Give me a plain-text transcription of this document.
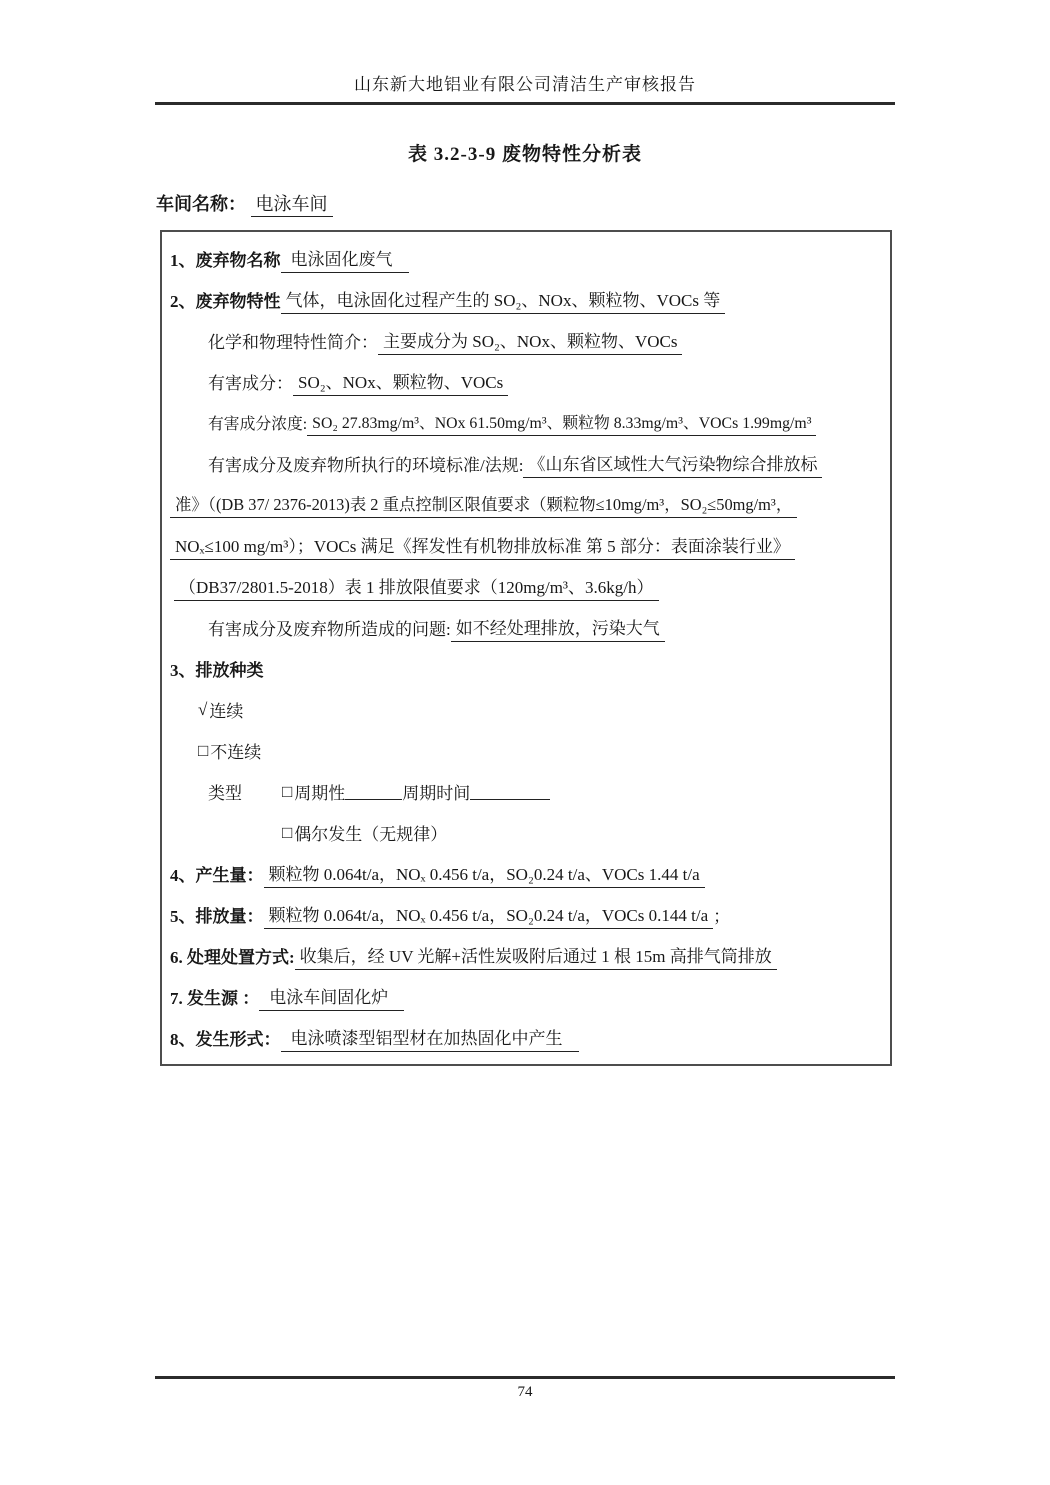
山东新大地铝业有限公司清洁生产审核报告
表 3.2-3-9 废物特性分析表
车间名称： 电泳车间
1、废弃物名称 电泳固化废气
2、废弃物特性 气体，电泳固化过程产生的 SO₂、NOx、颗粒物、VOCs 等
化学和物理特性简介： 主要成分为 SO₂、NOx、颗粒物、VOCs
有害成分： SO₂、NOx、颗粒物、VOCs
有害成分浓度: SO₂ 27.83mg/m³、NOx 61.50mg/m³、颗粒物 8.33mg/m³、VOCs 1.99mg/m³
有害成分及废弃物所执行的环境标准/法规: 《山东省区域性大气污染物综合排放标
准》（(DB 37/ 2376-2013)表 2 重点控制区限值要求（颗粒物≤10mg/m³，SO₂≤50mg/m³，
NOₓ≤100 mg/m³）；VOCs 满足《挥发性有机物排放标准 第 5 部分：表面涂装行业》
（DB37/2801.5-2018）表 1 排放限值要求（120mg/m³、3.6kg/h）
有害成分及废弃物所造成的问题: 如不经处理排放，污染大气
3、排放种类
√ 连续
□ 不连续
类型 □ 周期性	周期时间
□ 偶尔发生（无规律）
4、产生量： 颗粒物 0.064t/a，NOₓ 0.456 t/a，SO₂0.24 t/a、VOCs 1.44 t/a
5、排放量： 颗粒物 0.064t/a，NOₓ 0.456 t/a，SO₂0.24 t/a，VOCs 0.144 t/a ；
6. 处理处置方式: 收集后，经 UV 光解+活性炭吸附后通过 1 根 15m 高排气筒排放
7. 发生源 ： 电泳车间固化炉
8、发生形式： 电泳喷漆型铝型材在加热固化中产生
74
